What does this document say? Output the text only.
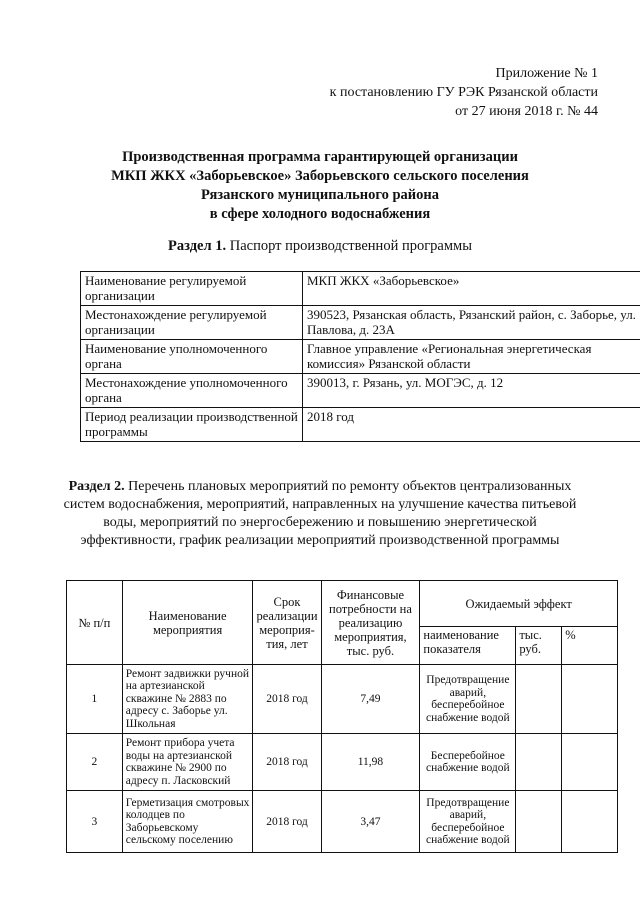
Приложение № 1
к постановлению ГУ РЭК Рязанской области
от 27 июня 2018 г. № 44
Производственная программа гарантирующей организации
МКП ЖКХ «Заборьевское» Заборьевского сельского поселения
Рязанского муниципального района
в сфере холодного водоснабжения
Раздел 1. Паспорт производственной программы
Наименование регулируемой организации	МКП ЖКХ «Заборьевское»
Местонахождение регулируемой организации	390523, Рязанская область, Рязанский район, с. Заборье, ул. Павлова, д. 23А
Наименование уполномоченного органа	Главное управление «Региональная энергетическая комиссия» Рязанской области
Местонахождение уполномоченного органа	390013, г. Рязань, ул. МОГЭС, д. 12
Период реализации производственной программы	2018 год
Раздел 2. Перечень плановых мероприятий по ремонту объектов централизованных систем водоснабжения, мероприятий, направленных на улучшение качества питьевой воды, мероприятий по энергосбережению и повышению энергетической эффективности, график реализации мероприятий производственной программы
№ п/п	Наименование мероприятия	Срок реализации мероприя-тия, лет	Финансовые потребности на реализацию мероприятия, тыс. руб.	Ожидаемый эффект		
				наименование показателя	тыс. руб.	%
1	Ремонт задвижки ручной на артезианской скважине № 2883 по адресу с. Заборье ул. Школьная	2018 год	7,49	Предотвращение аварий, бесперебойное снабжение водой		
2	Ремонт прибора учета воды на артезианской скважине № 2900 по адресу п. Ласковский	2018 год	11,98	Бесперебойное снабжение водой		
3	Герметизация смотровых колодцев по Заборьевскому сельскому поселению	2018 год	3,47	Предотвращение аварий, бесперебойное снабжение водой		
